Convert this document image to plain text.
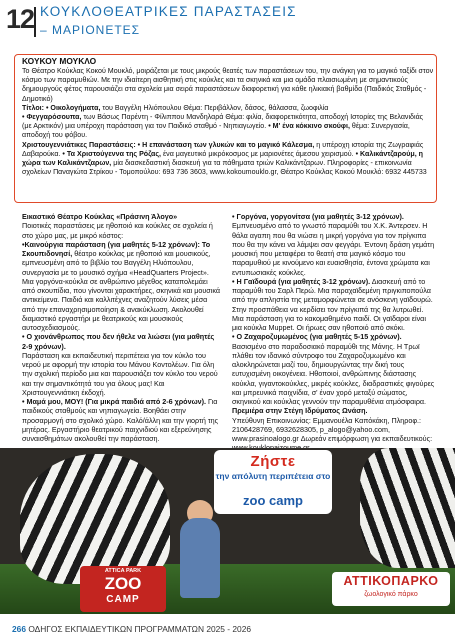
12 ΚΟΥΚΛΟΘΕΑΤΡΙΚΕΣ ΠΑΡΑΣΤΑΣΕΙΣ
– ΜΑΡΙΟΝΕΤΕΣ
ΚΟΥΚΟΥ ΜΟΥΚΛΟ
Το Θέατρο Κούκλας Κοκού Μουκλό, μοιράζεται με τους μικρούς θεατές των παραστάσεων του, την ανάγκη για το μαγικό ταξίδι στον κόσμο των παραμυθιών. Με την ιδιαίτερη αισθητική στις κούκλες και τα σκηνικά και μια ομάδα πλαισιωμένη με σημαντικούς δημιουργούς φέτος παρουσιάζει στα σχολεία μια σειρά παραστάσεων διαφορετική για κάθε ηλικιακή βαθμίδα (Παιδικός Σταθμός - Δημοτικό)
Τίτλοι: • Οικολογήματα, του Βαγγέλη Ηλιόπουλου Θέμα: Περιβάλλον, δάσος, θάλασσα, ζωοφιλία
• Φεγγαρόσουπα, των Βάσως Παρέντη - Φίλιππου Μανδηλαρά Θέμα: φιλία, διαφορετικότητα, αποδοχή Ιστορίες της Βελανιδιάς (με Αρκτικόν) μια υπέροχη παράσταση για τον Παιδικό σταθμό - Νηπιαγωγείο. • Μ' ένα κόκκινο σκούφι, θέμα: Συνεργασία, αποδοχή του φόβου.
Χριστουγεννιάτικες Παραστάσεις: • Η επανάσταση των γλυκών και το μαγικό Κάλεσμα, η υπέροχη ιστορία της Ζωγραφιάς Δαβαρούκα. • Τα Χριστούγεννα της Ρόζας, ένα μαγευτικό μικρόκοσμος με μαριονέτες άμεσου χειρισμού. • Καλικάντζαρούμ, η χώρα των Καλικάντζαρων, μία διασκεδαστική διασκευή για τα πάθηματα τριών Καλικάντζαρων. Πληροφορίες - επικοινωνία σχολείων Παναγιώτα Στρίκου - Τομοπούλου: 693 736 3603, www.kokoumouklo.gr, Θέατρο Κούκλας Κοκού Μουκλό: 6932 445733
Εικαστικό Θέατρο Κούκλας «Πράσινη Άλογο»
Ποιοτικές παραστάσεις με ηθοποιό και κούκλες σε σχολεία ή στο χώρο μας, με μικρό κόστος:
•Καινούργια παράσταση (για μαθητές 5-12 χρόνων): Το Σκουπιδονησί, θέατρο κούκλας με ηθοποιό και μουσικούς, εμπνευσμένη από το βιβλίο του Βαγγέλη Ηλιόπουλου, συνεργασία με το μουσικό σχήμα «HeadQuarters Project». Μια γοργόνα-κούκλα σε ανθρώπινο μέγεθος καταπολεμάει από σκουπίδια, που γίνονται χαρακτήρες, σκηνικά και μουσικά αντικείμενα. Παιδιά και καλλιτέχνες αναζητούν λύσεις μέσα από την επαναχρησιμοποίηση & ανακύκλωση. Ακολουθεί διαμαστικό εργαστήρι με θεατρικούς και μουσικούς αυτοσχεδιασμούς.
• Ο χιονάνθρωπος που δεν ήθελε να λιώσει (για μαθητές 2-9 χρόνων).
Παράσταση και εκπαιδευτική περιπέτεια για τον κύκλο του νερού με αφορμή την ιστορία του Μάνου Κοντολέων. Για όλη την σχολική περίοδο μια και παρουσιάζει τον κύκλο του νερού και την σημαντικότητά του για όλους μας! Και Χριστουγεννιάτικη έκδοχή.
• Μαμά μου, ΜΟΥ! (Για μικρά παιδιά από 2-6 χρόνων). Για παιδικούς σταθμούς και νηπιαγωγεία. Βοηθάει στην προσαρμογή στο σχολικό χώρο. Καλό/άλλη και την γιορτή της μητέρας. Εργαστήριο θεατρικού παιχνιδιού και εξερεύνησης συναισθημάτων ακολουθεί την παράσταση.
• Γοργόνα, γοργονίτσα (για μαθητές 3-12 χρόνων). Εμπνευσμένο από το γνωστό παραμύθι του Χ.Κ. Άντερσεν. Η θάλα αγαπη που θα νιώσει η μικρή γοργόνα για τον πρίγκιπα που θα την κάνει να λάμψει σαν φεγγάρι. Έντονη δράση γεμάτη μουσική που μεταφέρει το θεατή στα μαγικό κόσμο του παραμυθιού με κινούμενο και ευαισθησία, έντονα χρώματα και εντυπωσιακές κούκλες.
• Η Γαϊδουρά (για μαθητές 3-12 χρόνων). Διασκευή από το παραμύθι του Σαρλ Περώ. Μια παραχαϊδεμένη πριγκιποπούλα από την απληστία της μεταμορφώνεται σε ανόσκενη γαϊδουρώ. Στην προσπάθεια να κερδίσει τον πρίγκιπά της θα λυτρωθεί. Μια παράσταση για το κακομαθημένο παιδί. Οι γαϊδαροι είναι μια κούκλα Muppet. Οι ήρωες σαν ηθοποιό από σκόκι.
• Ο Ζαχαροζυμωμένος (για μαθητές 5-15 χρόνων). Βασισμένο στο παραδοσιακό παραμύθι της Μάνης. Η Τρωϊ πλάθει τον ιδανικό σύντροφο του Ζαχαροζυμωμένο και αλοκληρώνεται μαζί του, δημιουργώντας την δική τους ευτυχισμένη οικογένεια. Ηθοποιοί, ανθρώπινης διάστασης κούκλα, γιγαντοκούκλες, μικρές κούκλες, διαδραστικές φιγούρες και μπρευνικά παιχνίδια, σ' έναν χορό μεταξύ σώματος, σκηνικού και κούκλας γεννούν την παραμυθένια ατμόσφαιρα.
Πρεμιέρα στην Στέγη Ιδρύματος Ωνάση.
Υπεύθυνη Επικοινωνίας: Εμμανουέλα Καπόκάκη, Πληροφ.: 2106428769, 6932628305, p_alogo@yahoo.com, www.prasinoalogo.gr Δωρεάν επιμόρφωση για εκπαιδευτικούς:
Ζήστε
την απόλυτη περιπέτεια στο
zoo camp
ATTICA PARK
ZOO
CAMP
ΑΤΤΙΚΟΠΑΡΚΟ
ζωολογικό πάρκο
266 ΟΔΗΓΟΣ ΕΚΠΑΙΔΕΥΤΙΚΩΝ ΠΡΟΓΡΑΜΜΑΤΩΝ 2025 - 2026
